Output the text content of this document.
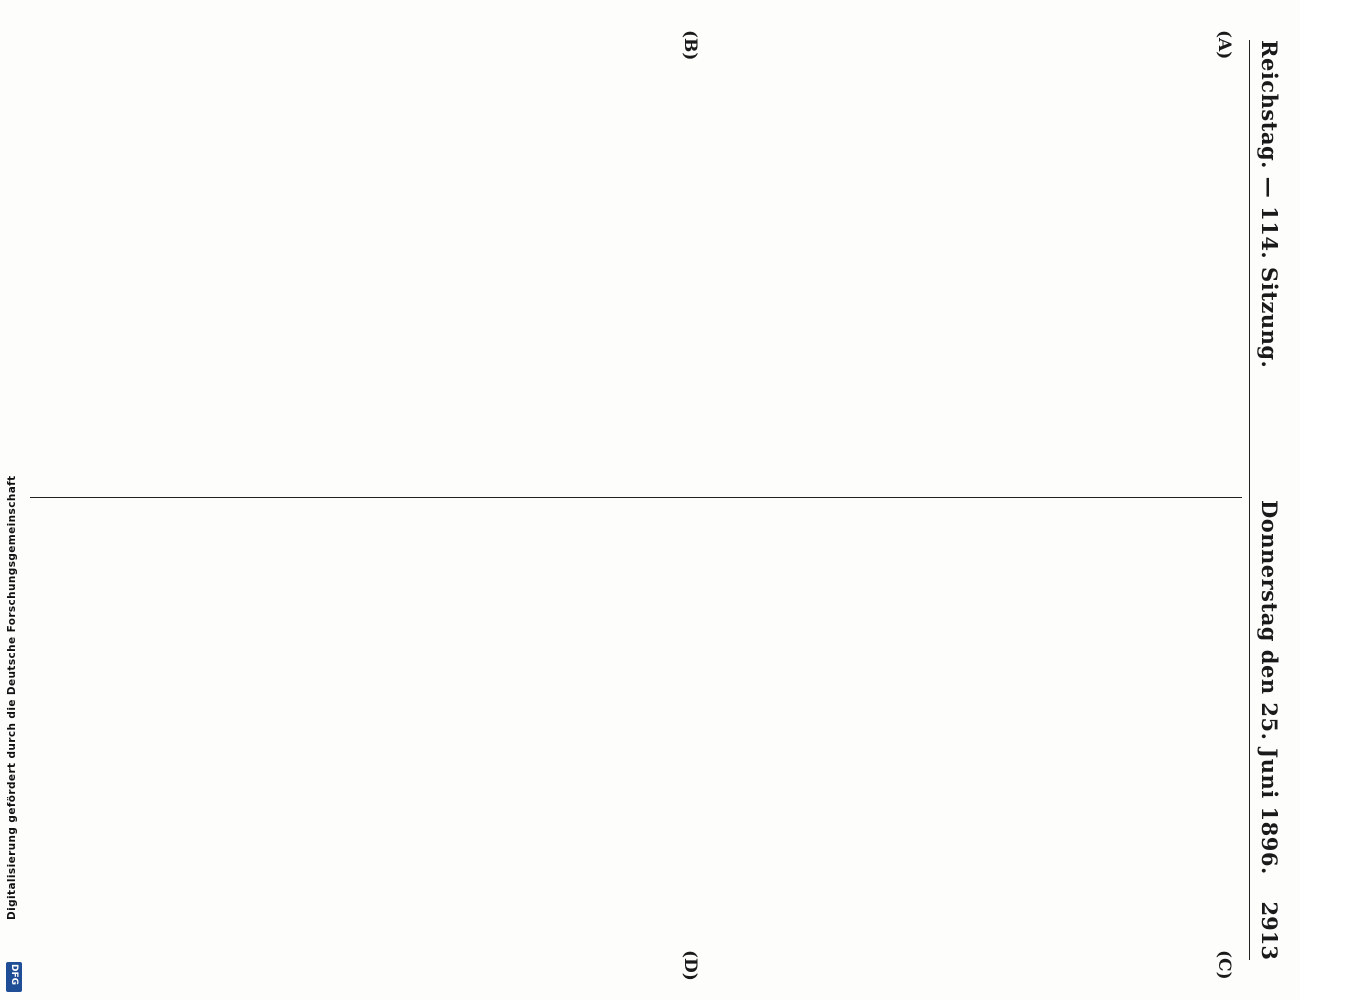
Reichstag. — 114. Sitzung.
Donnerstag den 25. Juni 1896.
2913
(A)
(B)
(C)
(D)
Digitalisierung gefördert durch die Deutsche Forschungsgemeinschaft
DFG
